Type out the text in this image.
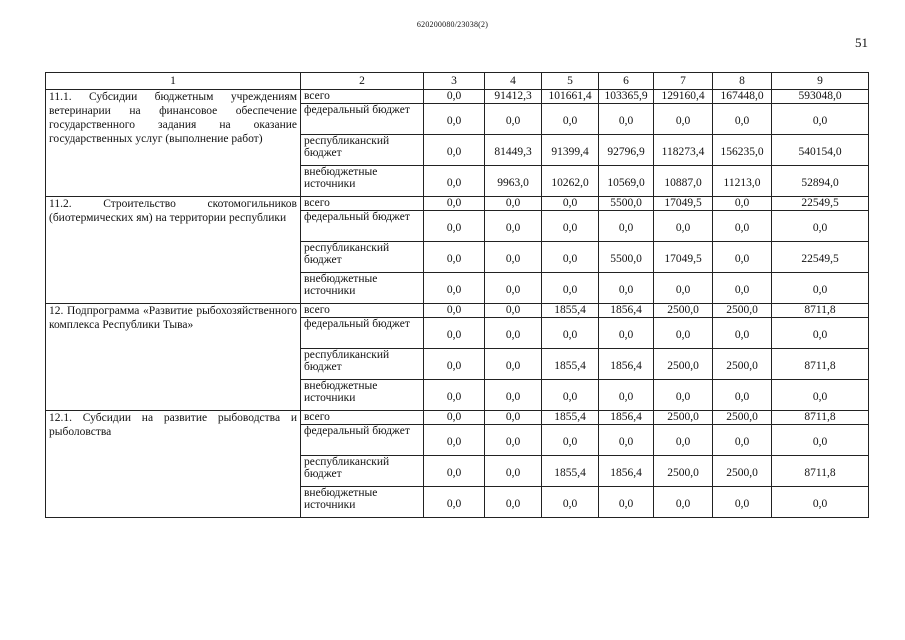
620200080/23038(2)
51
1	2	3	4	5	6	7	8	9
11.1. Субсидии бюджетным учреждениям ветеринарии на финансовое обеспечение государственного задания на оказание государственных услуг (выполнение работ)	всего	0,0	91412,3	101661,4	103365,9	129160,4	167448,0	593048,0
	федеральный бюджет	0,0	0,0	0,0	0,0	0,0	0,0	0,0
	республиканский бюджет	0,0	81449,3	91399,4	92796,9	118273,4	156235,0	540154,0
	внебюджетные источники	0,0	9963,0	10262,0	10569,0	10887,0	11213,0	52894,0
11.2. Строительство скотомогильников (биотермических ям) на территории республики	всего	0,0	0,0	0,0	5500,0	17049,5	0,0	22549,5
	федеральный бюджет	0,0	0,0	0,0	0,0	0,0	0,0	0,0
	республиканский бюджет	0,0	0,0	0,0	5500,0	17049,5	0,0	22549,5
	внебюджетные источники	0,0	0,0	0,0	0,0	0,0	0,0	0,0
12. Подпрограмма «Развитие рыбохозяйственного комплекса Республики Тыва»	всего	0,0	0,0	1855,4	1856,4	2500,0	2500,0	8711,8
	федеральный бюджет	0,0	0,0	0,0	0,0	0,0	0,0	0,0
	республиканский бюджет	0,0	0,0	1855,4	1856,4	2500,0	2500,0	8711,8
	внебюджетные источники	0,0	0,0	0,0	0,0	0,0	0,0	0,0
12.1. Субсидии на развитие рыбоводства и рыболовства	всего	0,0	0,0	1855,4	1856,4	2500,0	2500,0	8711,8
	федеральный бюджет	0,0	0,0	0,0	0,0	0,0	0,0	0,0
	республиканский бюджет	0,0	0,0	1855,4	1856,4	2500,0	2500,0	8711,8
	внебюджетные источники	0,0	0,0	0,0	0,0	0,0	0,0	0,0
